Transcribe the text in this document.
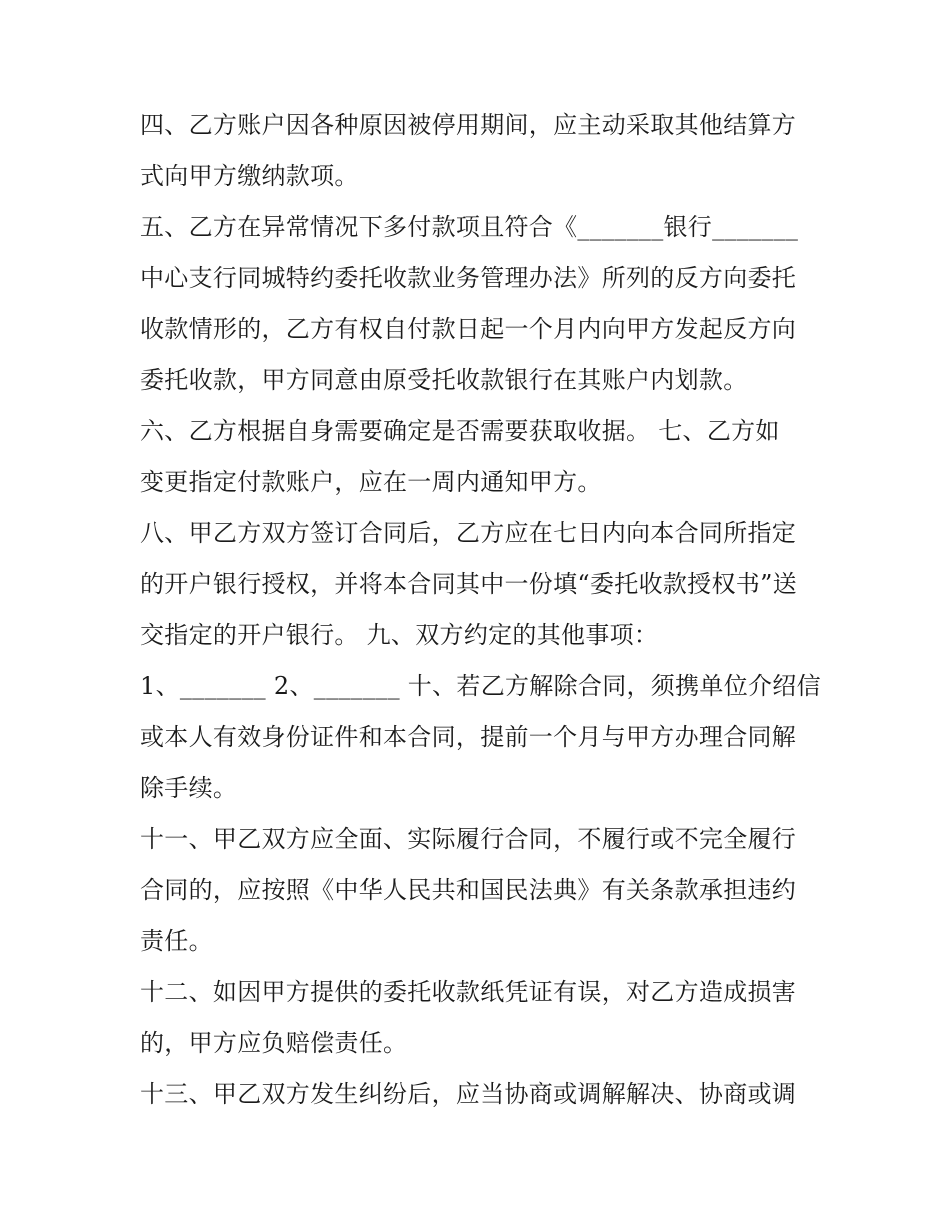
四、乙方账户因各种原因被停用期间，应主动采取其他结算方
式向甲方缴纳款项。
五、乙方在异常情况下多付款项且符合《_______银行_______
中心支行同城特约委托收款业务管理办法》所列的反方向委托
收款情形的，乙方有权自付款日起一个月内向甲方发起反方向
委托收款，甲方同意由原受托收款银行在其账户内划款。
六、乙方根据自身需要确定是否需要获取收据。 七、乙方如
变更指定付款账户，应在一周内通知甲方。
八、甲乙方双方签订合同后，乙方应在七日内向本合同所指定
的开户银行授权，并将本合同其中一份填“委托收款授权书”送
交指定的开户银行。 九、双方约定的其他事项：
1、_______ 2、_______ 十、若乙方解除合同，须携单位介绍信
或本人有效身份证件和本合同，提前一个月与甲方办理合同解
除手续。
十一、甲乙双方应全面、实际履行合同，不履行或不完全履行
合同的，应按照《中华人民共和国民法典》有关条款承担违约
责任。
十二、如因甲方提供的委托收款纸凭证有误，对乙方造成损害
的，甲方应负赔偿责任。
十三、甲乙双方发生纠纷后，应当协商或调解解决、协商或调
